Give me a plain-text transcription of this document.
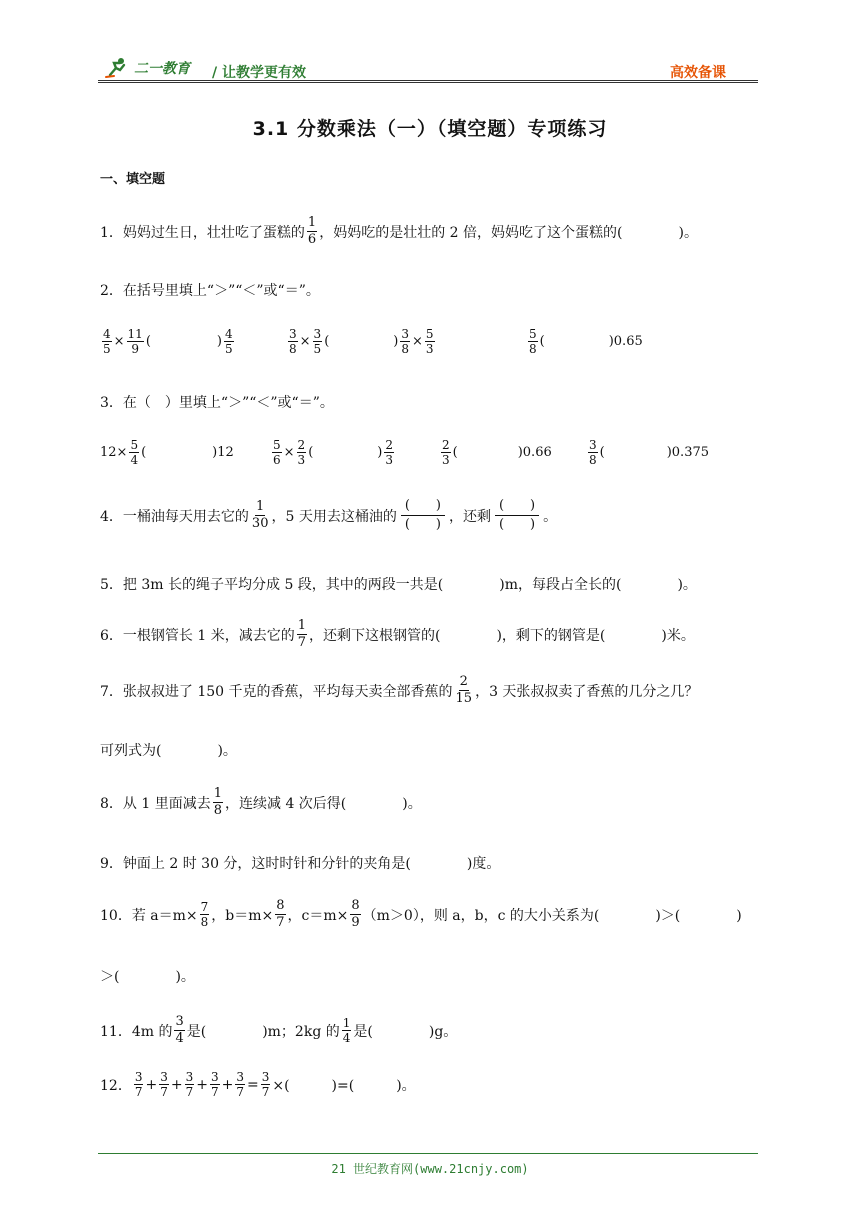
二一教育 / 让教学更有效	高效备课
3.1 分数乘法（一）（填空题）专项练习
一、填空题
1．妈妈过生日，壮壮吃了蛋糕的
1
6 ，妈妈吃的是壮壮的 2 倍，妈妈吃了这个蛋糕的(	)。
2．在括号里填上“＞”“＜”或“＝”。
$\frac{4}{5} \times \frac{11}{9}$ (	) 4
5	$\frac{3}{8} \times \frac{3}{5}$ (	) $\frac{3}{8} \times \frac{5}{3}$	5
8 (	)0.65
3．在（　）里填上“＞”“＜”或“＝”。
$12\times \frac{5}{4}$ (	)12	$\frac{5}{6} \times \frac{2}{3}$ (	) 2
3
2
3 (	)0.66	3
8 (	)0.375
4．一桶油每天用去它的
1
30 ，5 天用去这桶油的
(　　)
(　　) ，还剩
(　　)
(　　) 。
5．把 3m 长的绳子平均分成 5 段，其中的两段一共是(　　　　)m，每段占全长的(　　　　)。
6．一根钢管长 1 米，减去它的
1
7 ，还剩下这根钢管的(　　　　)，剩下的钢管是(　　　　)米。
7．张叔叔进了 150 千克的香蕉，平均每天卖全部香蕉的
2
15 ，3 天张叔叔卖了香蕉的几分之几？
可列式为(　　　　)。
8．从 1 里面减去
1
8 ，连续减 4 次后得(　　　　)。
9．钟面上 2 时 30 分，这时时针和分针的夹角是(　　　　)度。
10．若 $a=m\times \frac{7}{8}$ ，$b=m\times \frac{8}{7}$ ，$c=m\times \frac{8}{9} (m>0)$，则 a，b，c 的大小关系为(　　　　)＞(　　　　)
＞(　　　　)。
11．4m 的
3
4 是(　　　　)m；2kg 的
1
4 是(　　　　)g。
12．
3
$7 + \frac{3}{7} + \frac{3}{7} + \frac{3}{7} + \frac{3}{7} = \frac{3}{7}$ ×(　　　)=(　　　)。
21 世纪教育网(www.21cnjy.com)
